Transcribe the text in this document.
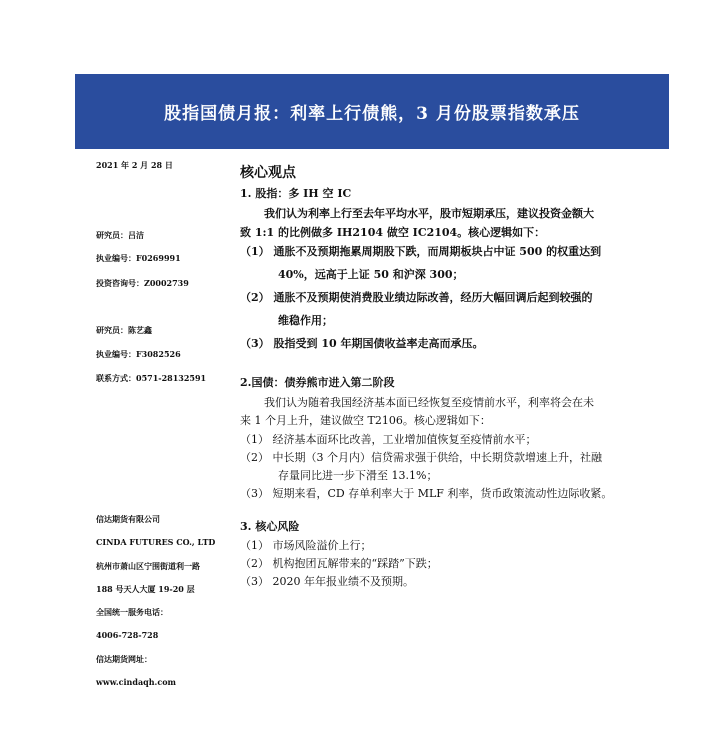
股指国债月报：利率上行债熊，3 月份股票指数承压
2021 年 2 月 28 日
研究员：吕洁
执业编号：F0269991
投资咨询号：Z0002739
研究员：陈艺鑫
执业编号：F3082526
联系方式：0571-28132591
信达期货有限公司
CINDA FUTURES CO., LTD
杭州市萧山区宁围街道利一路
188 号天人大厦 19-20 层
全国统一服务电话：
4006-728-728
信达期货网址：
www.cindaqh.com
核心观点
1. 股指：多 IH 空 IC
我们认为利率上行至去年平均水平，股市短期承压，建议投资金额大
致 1:1 的比例做多 IH2104 做空 IC2104。核心逻辑如下：
（1） 通胀不及预期拖累周期股下跌，而周期板块占中证 500 的权重达到
40%，远高于上证 50 和沪深 300；
（2） 通胀不及预期使消费股业绩边际改善，经历大幅回调后起到较强的
维稳作用；
（3） 股指受到 10 年期国债收益率走高而承压。
2.国债：债券熊市进入第二阶段
我们认为随着我国经济基本面已经恢复至疫情前水平，利率将会在未
来 1 个月上升，建议做空 T2106。核心逻辑如下：
（1） 经济基本面环比改善，工业增加值恢复至疫情前水平；
（2） 中长期（3 个月内）信贷需求强于供给，中长期贷款增速上升，社融
存量同比进一步下滑至 13.1%；
（3） 短期来看，CD 存单利率大于 MLF 利率，货币政策流动性边际收紧。
3. 核心风险
（1） 市场风险溢价上行；
（2） 机构抱团瓦解带来的“踩踏”下跌；
（3） 2020 年年报业绩不及预期。
